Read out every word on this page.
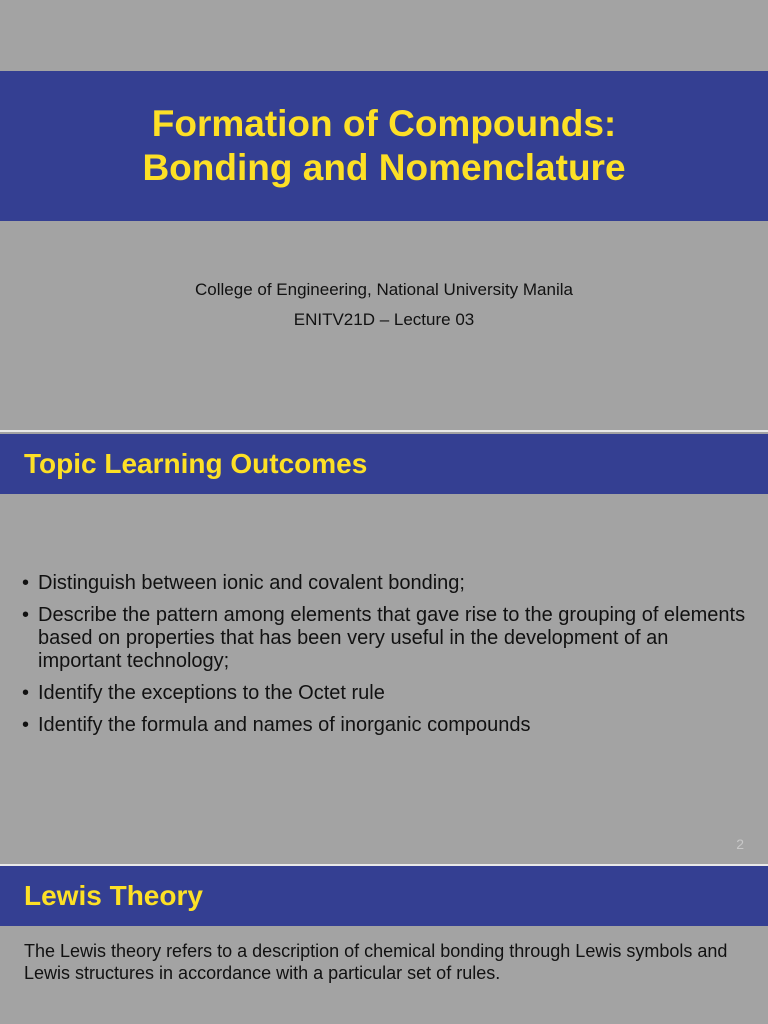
Formation of Compounds:
Bonding and Nomenclature
College of Engineering, National University Manila
ENITV21D – Lecture 03
Topic Learning Outcomes
• Distinguish between ionic and covalent bonding;
• Describe the pattern among elements that gave rise to the grouping of elements based on properties that has been very useful in the development of an important technology;
• Identify the exceptions to the Octet rule
• Identify the formula and names of inorganic compounds
2
Lewis Theory

The Lewis theory refers to a description of chemical bonding through Lewis symbols and Lewis structures in accordance with a particular set of rules.
